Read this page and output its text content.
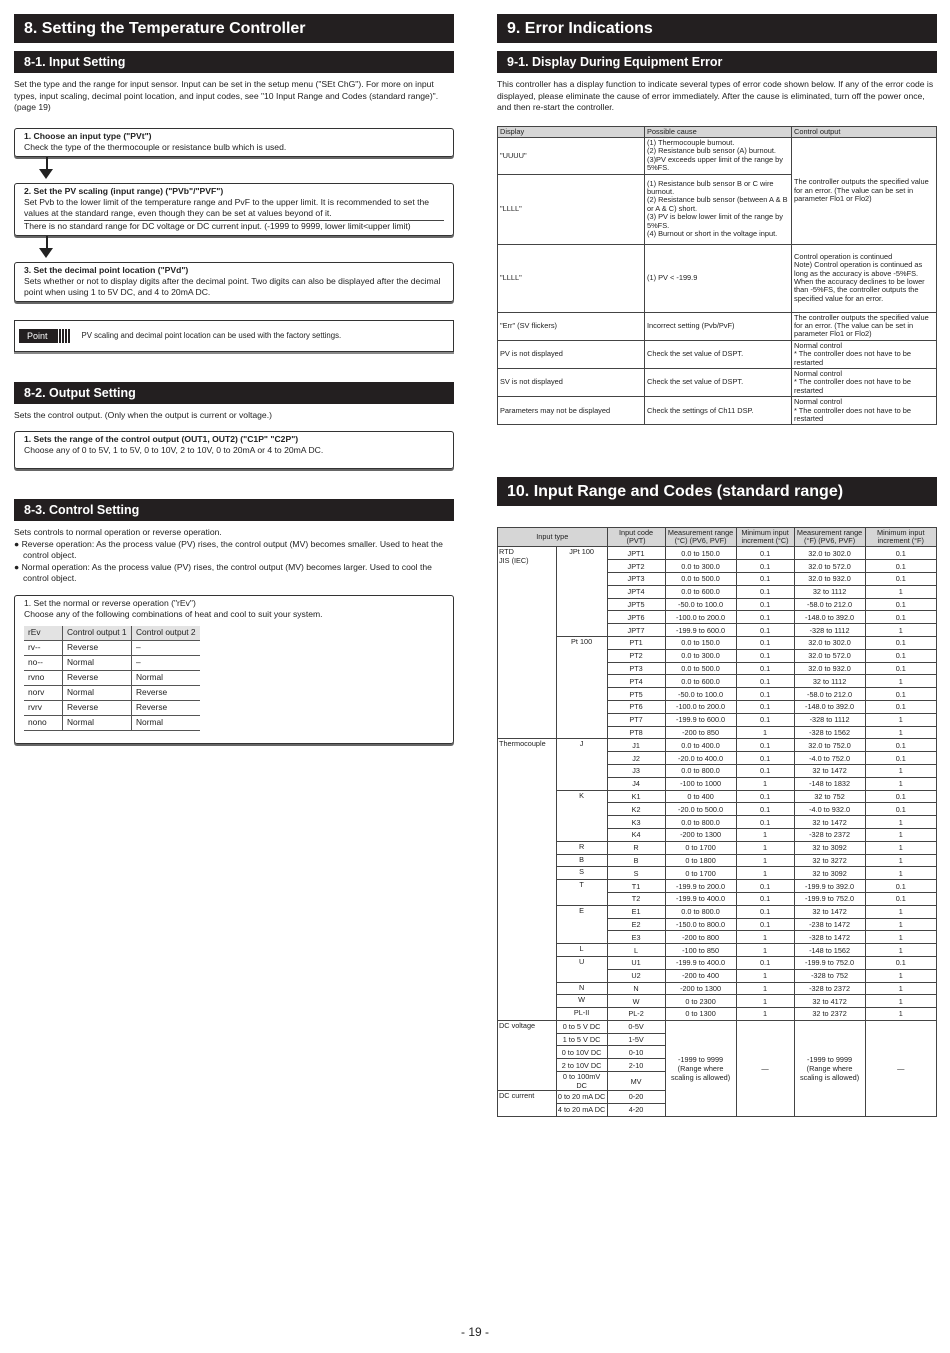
8. Setting the Temperature Controller
8-1. Input Setting
Set the type and the range for input sensor. Input can be set in the setup menu ("SEt ChG"). For more on input types, input scaling, decimal point location, and input codes, see "10 Input Range and Codes (standard range)". (page 19)
1. Choose an input type ("PVt")
Check the type of the thermocouple or resistance bulb which is used.
2. Set the PV scaling (input range) ("PVb"/"PVF")
Set Pvb to the lower limit of the temperature range and PvF to the upper limit. It is recommended to set the values at the standard range, even though they can be set at values beyond of it.
There is no standard range for DC voltage or DC current input. (-1999 to 9999, lower limit<upper limit)
3. Set the decimal point location ("PVd")
Sets whether or not to display digits after the decimal point. Two digits can also be displayed after the decimal point when using 1 to 5V DC, and 4 to 20mA DC.
Point	PV scaling and decimal point location can be used with the factory settings.
8-2. Output Setting
Sets the control output. (Only when the output is current or voltage.)
1. Sets the range of the control output (OUT1, OUT2) ("C1P" "C2P")
Choose any of 0 to 5V, 1 to 5V, 0 to 10V, 2 to 10V, 0 to 20mA or 4 to 20mA DC.
8-3. Control Setting
Sets controls to normal operation or reverse operation.
● Reverse operation: As the process value (PV) rises, the control output (MV) becomes smaller. Used to heat the control object.
● Normal operation: As the process value (PV) rises, the control output (MV) becomes larger. Used to cool the control object.
1. Set the normal or reverse operation ("rEv")
Choose any of the following combinations of heat and cool to suit your system.
rEv	Control output 1	Control output 2
rv--	Reverse	–
no--	Normal	–
rvno	Reverse	Normal
norv	Normal	Reverse
rvrv	Reverse	Reverse
nono	Normal	Normal
9. Error Indications
9-1. Display During Equipment Error
This controller has a display function to indicate several types of error code shown below. If any of the error code is displayed, please eliminate the cause of error immediately. After the cause is eliminated, turn off the power once, and then re-start the controller.
Display	Possible cause	Control output
"UUUU"	(1) Thermocouple burnout.
(2) Resistance bulb sensor (A) burnout.
(3)PV exceeds upper limit of the range by 5%FS.	The controller outputs the specified value for an error. (The value can be set in parameter Flo1 or Flo2)
"LLLL"	(1) Resistance bulb sensor B or C wire burnout.
(2) Resistance bulb sensor (between A & B or A & C) short.
(3) PV is below lower limit of the range by 5%FS.
(4) Burnout or short in the voltage input.	
"LLLL"	(1) PV < -199.9	Control operation is continued
Note) Control operation is continued as long as the accuracy is above -5%FS. When the accuracy declines to be lower than -5%FS, the controller outputs the specified value for an error.
"Err" (SV flickers)	Incorrect setting (Pvb/PvF)	The controller outputs the specified value for an error. (The value can be set in parameter Flo1 or Flo2)
PV is not displayed	Check the set value of DSPT.	Normal control
* The controller does not have to be restarted
SV is not displayed	Check the set value of DSPT.	Normal control
* The controller does not have to be restarted
Parameters may not be displayed	Check the settings of Ch11 DSP.	Normal control
* The controller does not have to be restarted
10. Input Range and Codes (standard range)
Input type		Input code (PVT)	Measurement range (°C) (PV6, PVF)	Minimum input increment (°C)	Measurement range (°F) (PV6, PVF)	Minimum input increment (°F)
RTD
JIS (IEC)	JPt 100	JPT1	0.0 to 150.0	0.1	32.0 to 302.0	0.1
		JPT2	0.0 to 300.0	0.1	32.0 to 572.0	0.1
		JPT3	0.0 to 500.0	0.1	32.0 to 932.0	0.1
		JPT4	0.0 to 600.0	0.1	32 to 1112	1
		JPT5	-50.0 to 100.0	0.1	-58.0 to 212.0	0.1
		JPT6	-100.0 to 200.0	0.1	-148.0 to 392.0	0.1
		JPT7	-199.9 to 600.0	0.1	-328 to 1112	1
	Pt 100	PT1	0.0 to 150.0	0.1	32.0 to 302.0	0.1
		PT2	0.0 to 300.0	0.1	32.0 to 572.0	0.1
		PT3	0.0 to 500.0	0.1	32.0 to 932.0	0.1
		PT4	0.0 to 600.0	0.1	32 to 1112	1
		PT5	-50.0 to 100.0	0.1	-58.0 to 212.0	0.1
		PT6	-100.0 to 200.0	0.1	-148.0 to 392.0	0.1
		PT7	-199.9 to 600.0	0.1	-328 to 1112	1
		PT8	-200 to 850	1	-328 to 1562	1
Thermocouple	J	J1	0.0 to 400.0	0.1	32.0 to 752.0	0.1
		J2	-20.0 to 400.0	0.1	-4.0 to 752.0	0.1
		J3	0.0 to 800.0	0.1	32 to 1472	1
		J4	-100 to 1000	1	-148 to 1832	1
	K	K1	0 to 400	0.1	32 to 752	0.1
		K2	-20.0 to 500.0	0.1	-4.0 to 932.0	0.1
		K3	0.0 to 800.0	0.1	32 to 1472	1
		K4	-200 to 1300	1	-328 to 2372	1
	R	R	0 to 1700	1	32 to 3092	1
	B	B	0 to 1800	1	32 to 3272	1
	S	S	0 to 1700	1	32 to 3092	1
	T	T1	-199.9 to 200.0	0.1	-199.9 to 392.0	0.1
		T2	-199.9 to 400.0	0.1	-199.9 to 752.0	0.1
	E	E1	0.0 to 800.0	0.1	32 to 1472	1
		E2	-150.0 to 800.0	0.1	-238 to 1472	1
		E3	-200 to 800	1	-328 to 1472	1
	L	L	-100 to 850	1	-148 to 1562	1
	U	U1	-199.9 to 400.0	0.1	-199.9 to 752.0	0.1
		U2	-200 to 400	1	-328 to 752	1
	N	N	-200 to 1300	1	-328 to 2372	1
	W	W	0 to 2300	1	32 to 4172	1
	PL-II	PL-2	0 to 1300	1	32 to 2372	1
DC voltage	0 to 5 V DC	0-5V	-1999 to 9999 (Range where scaling is allowed)	—	-1999 to 9999 (Range where scaling is allowed)	—
	1 to 5 V DC	1-5V				
	0 to 10V DC	0-10				
	2 to 10V DC	2-10				
	0 to 100mV DC	MV				
DC current	0 to 20 mA DC	0-20				
	4 to 20 mA DC	4-20				
- 19 -
